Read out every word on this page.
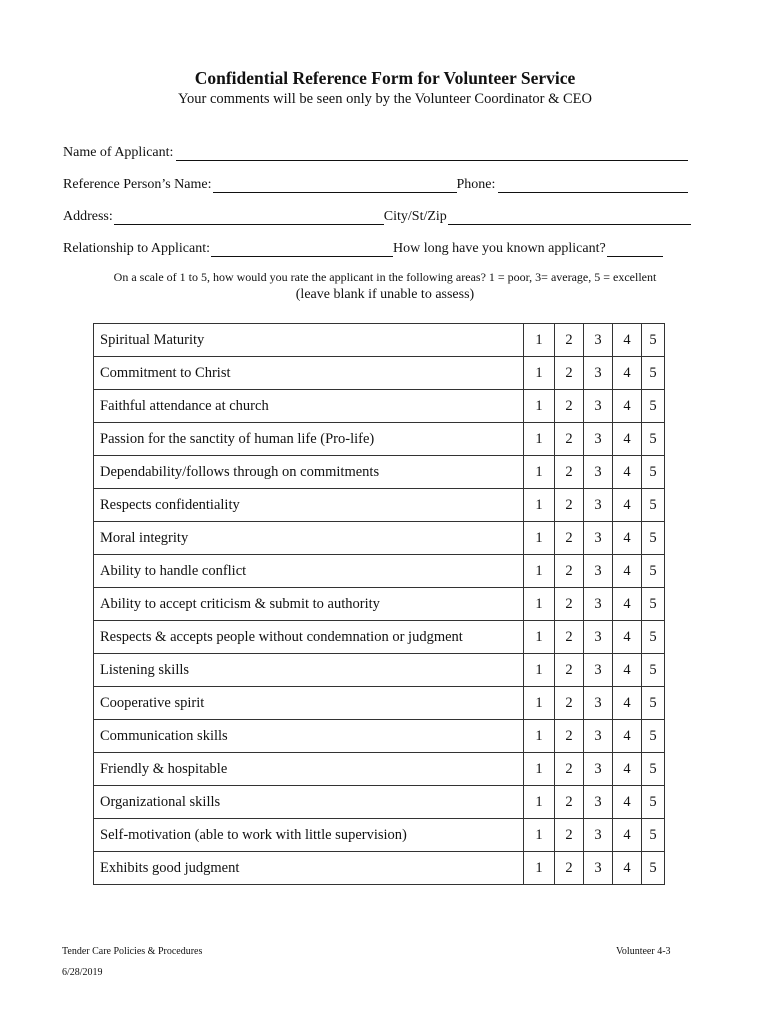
Confidential Reference Form for Volunteer Service
Your comments will be seen only by the Volunteer Coordinator & CEO
Name of Applicant:
Reference Person’s Name:	Phone:
Address:	City/St/Zip
Relationship to Applicant:	How long have you known applicant?
On a scale of 1 to 5, how would you rate the applicant in the following areas? 1 = poor, 3= average, 5 = excellent
(leave blank if unable to assess)
Spiritual Maturity	1	2	3	4	5
Commitment to Christ	1	2	3	4	5
Faithful attendance at church	1	2	3	4	5
Passion for the sanctity of human life (Pro-life)	1	2	3	4	5
Dependability/follows through on commitments	1	2	3	4	5
Respects confidentiality	1	2	3	4	5
Moral integrity	1	2	3	4	5
Ability to handle conflict	1	2	3	4	5
Ability to accept criticism & submit to authority	1	2	3	4	5
Respects & accepts people without condemnation or judgment	1	2	3	4	5
Listening skills	1	2	3	4	5
Cooperative spirit	1	2	3	4	5
Communication skills	1	2	3	4	5
Friendly & hospitable	1	2	3	4	5
Organizational skills	1	2	3	4	5
Self-motivation (able to work with little supervision)	1	2	3	4	5
Exhibits good judgment	1	2	3	4	5
Tender Care Policies & Procedures	Volunteer 4-3
6/28/2019
